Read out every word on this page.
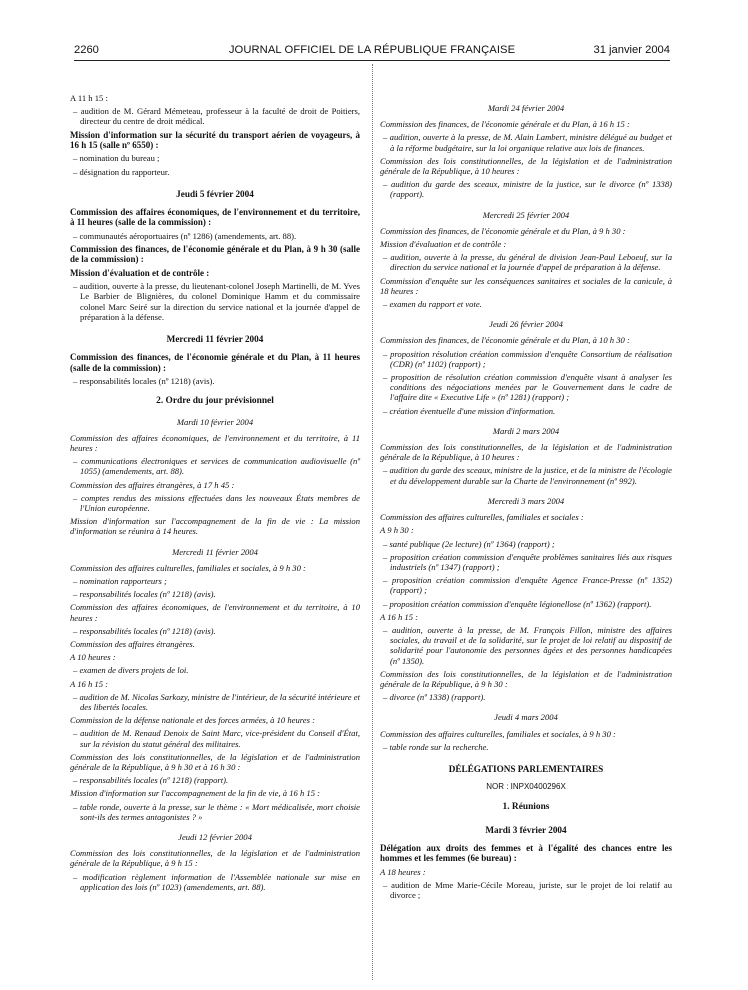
2260	JOURNAL OFFICIEL DE LA RÉPUBLIQUE FRANÇAISE	31 janvier 2004

A 11 h 15 :

– audition de M. Gérard Mémeteau, professeur à la faculté de droit de Poitiers, directeur du centre de droit médical.

Mission d'information sur la sécurité du transport aérien de voyageurs, à 16 h 15 (salle nº 6550) :

– nomination du bureau ;

– désignation du rapporteur.

Jeudi 5 février 2004

Commission des affaires économiques, de l'environnement et du territoire, à 11 heures (salle de la commission) :

– communautés aéroportuaires (nº 1286) (amendements, art. 88).

Commission des finances, de l'économie générale et du Plan, à 9 h 30 (salle de la commission) :

Mission d'évaluation et de contrôle :

– audition, ouverte à la presse, du lieutenant-colonel Joseph Martinelli, de M. Yves Le Barbier de Blignières, du colonel Dominique Hamm et du commissaire colonel Marc Seiré sur la direction du service national et la journée d'appel de préparation à la défense.

Mercredi 11 février 2004

Commission des finances, de l'économie générale et du Plan, à 11 heures (salle de la commission) :

– responsabilités locales (nº 1218) (avis).

2. Ordre du jour prévisionnel

Mardi 10 février 2004

Commission des affaires économiques, de l'environnement et du territoire, à 11 heures :

– communications électroniques et services de communication audiovisuelle (nº 1055) (amendements, art. 88).

Commission des affaires étrangères, à 17 h 45 :

– comptes rendus des missions effectuées dans les nouveaux États membres de l'Union européenne.

Mission d'information sur l'accompagnement de la fin de vie : La mission d'information se réunira à 14 heures.

Mercredi 11 février 2004

Commission des affaires culturelles, familiales et sociales, à 9 h 30 :

– nomination rapporteurs ;

– responsabilités locales (nº 1218) (avis).

Commission des affaires économiques, de l'environnement et du territoire, à 10 heures :

– responsabilités locales (nº 1218) (avis).

Commission des affaires étrangères.

A 10 heures :

– examen de divers projets de loi.

A 16 h 15 :

– audition de M. Nicolas Sarkozy, ministre de l'intérieur, de la sécurité intérieure et des libertés locales.

Commission de la défense nationale et des forces armées, à 10 heures :

– audition de M. Renaud Denoix de Saint Marc, vice-président du Conseil d'État, sur la révision du statut général des militaires.

Commission des lois constitutionnelles, de la législation et de l'administration générale de la République, à 9 h 30 et à 16 h 30 :

– responsabilités locales (nº 1218) (rapport).

Mission d'information sur l'accompagnement de la fin de vie, à 16 h 15 :

– table ronde, ouverte à la presse, sur le thème : « Mort médicalisée, mort choisie sont-ils des termes antagonistes ? »

Jeudi 12 février 2004

Commission des lois constitutionnelles, de la législation et de l'administration générale de la République, à 9 h 15 :

– modification règlement information de l'Assemblée nationale sur mise en application des lois (nº 1023) (amendements, art. 88).

Mardi 24 février 2004

Commission des finances, de l'économie générale et du Plan, à 16 h 15 :

– audition, ouverte à la presse, de M. Alain Lambert, ministre délégué au budget et à la réforme budgétaire, sur la loi organique relative aux lois de finances.

Commission des lois constitutionnelles, de la législation et de l'administration générale de la République, à 10 heures :

– audition du garde des sceaux, ministre de la justice, sur le divorce (nº 1338) (rapport).

Mercredi 25 février 2004

Commission des finances, de l'économie générale et du Plan, à 9 h 30 :

Mission d'évaluation et de contrôle :

– audition, ouverte à la presse, du général de division Jean-Paul Leboeuf, sur la direction du service national et la journée d'appel de préparation à la défense.

Commission d'enquête sur les conséquences sanitaires et sociales de la canicule, à 18 heures :

– examen du rapport et vote.

Jeudi 26 février 2004

Commission des finances, de l'économie générale et du Plan, à 10 h 30 :

– proposition résolution création commission d'enquête Consortium de réalisation (CDR) (nº 1102) (rapport) ;

– proposition de résolution création commission d'enquête visant à analyser les conditions des négociations menées par le Gouvernement dans le cadre de l'affaire dite « Executive Life » (nº 1281) (rapport) ;

– création éventuelle d'une mission d'information.

Mardi 2 mars 2004

Commission des lois constitutionnelles, de la législation et de l'administration générale de la République, à 10 heures :

– audition du garde des sceaux, ministre de la justice, et de la ministre de l'écologie et du développement durable sur la Charte de l'environnement (nº 992).

Mercredi 3 mars 2004

Commission des affaires culturelles, familiales et sociales :

A 9 h 30 :

– santé publique (2e lecture) (nº 1364) (rapport) ;

– proposition création commission d'enquête problèmes sanitaires liés aux risques industriels (nº 1347) (rapport) ;

– proposition création commission d'enquête Agence France-Presse (nº 1352) (rapport) ;

– proposition création commission d'enquête légionellose (nº 1362) (rapport).

A 16 h 15 :

– audition, ouverte à la presse, de M. François Fillon, ministre des affaires sociales, du travail et de la solidarité, sur le projet de loi relatif au dispositif de solidarité pour l'autonomie des personnes âgées et des personnes handicapées (nº 1350).

Commission des lois constitutionnelles, de la législation et de l'administration générale de la République, à 9 h 30 :

– divorce (nº 1338) (rapport).

Jeudi 4 mars 2004

Commission des affaires culturelles, familiales et sociales, à 9 h 30 :

– table ronde sur la recherche.

DÉLÉGATIONS PARLEMENTAIRES

NOR : INPX0400296X

1. Réunions

Mardi 3 février 2004

Délégation aux droits des femmes et à l'égalité des chances entre les hommes et les femmes (6e bureau) :

A 18 heures :

– audition de Mme Marie-Cécile Moreau, juriste, sur le projet de loi relatif au divorce ;
